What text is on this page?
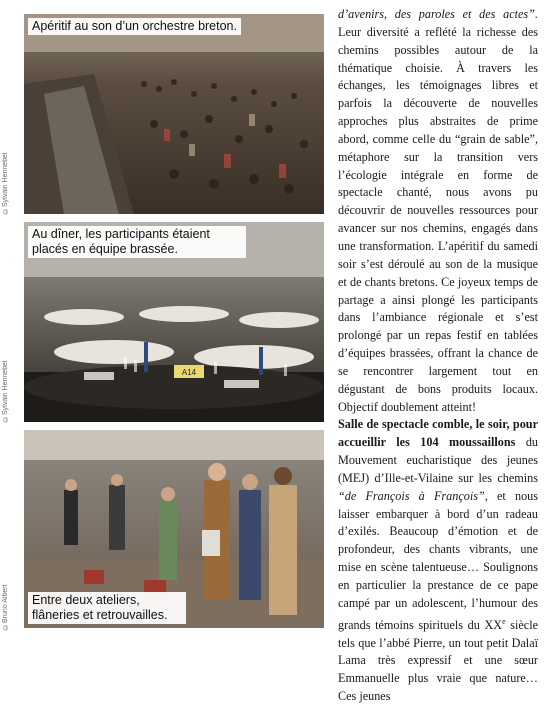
Apéritif au son d’un orchestre breton.
©Sylvain Hennebel
A14
Au dîner, les participants étaient placés en équipe brassée.
©Sylvain Hennebel
Entre deux ateliers, flâneries et retrouvailles.
©Bruno Albert

d’avenirs, des paroles et des actes”. Leur diversité a reflété la richesse des chemins possibles autour de la thématique choisie. À travers les échanges, les témoignages libres et parfois la découverte de nouvelles approches plus abstraites de prime abord, comme celle du “grain de sable”, métaphore sur la transition vers l’écologie intégrale en forme de spectacle chanté, nous avons pu découvrir de nouvelles ressources pour avancer sur nos chemins, engagés dans une transformation. L’apéritif du samedi soir s’est déroulé au son de la musique et de chants bretons. Ce joyeux temps de partage a ainsi plongé les participants dans l’ambiance régionale et s’est prolongé par un repas festif en tablées d’équipes brassées, offrant la chance de se rencontrer largement tout en dégustant de bons produits locaux. Objectif doublement atteint!

Salle de spectacle comble, le soir, pour accueillir les 104 moussaillons du Mouvement eucharistique des jeunes (MEJ) d’Ille-et-Vilaine sur les chemins “de François à François”, et nous laisser embarquer à bord d’un radeau d’exilés. Beaucoup d’émotion et de profondeur, des chants vibrants, une mise en scène talentueuse… Soulignons en particulier la prestance de ce pape campé par un adolescent, l’humour des grands témoins spirituels du XXe siècle tels que l’abbé Pierre, un tout petit Dalaï Lama très expressif et une sœur Emmanuelle plus vraie que nature… Ces jeunes
